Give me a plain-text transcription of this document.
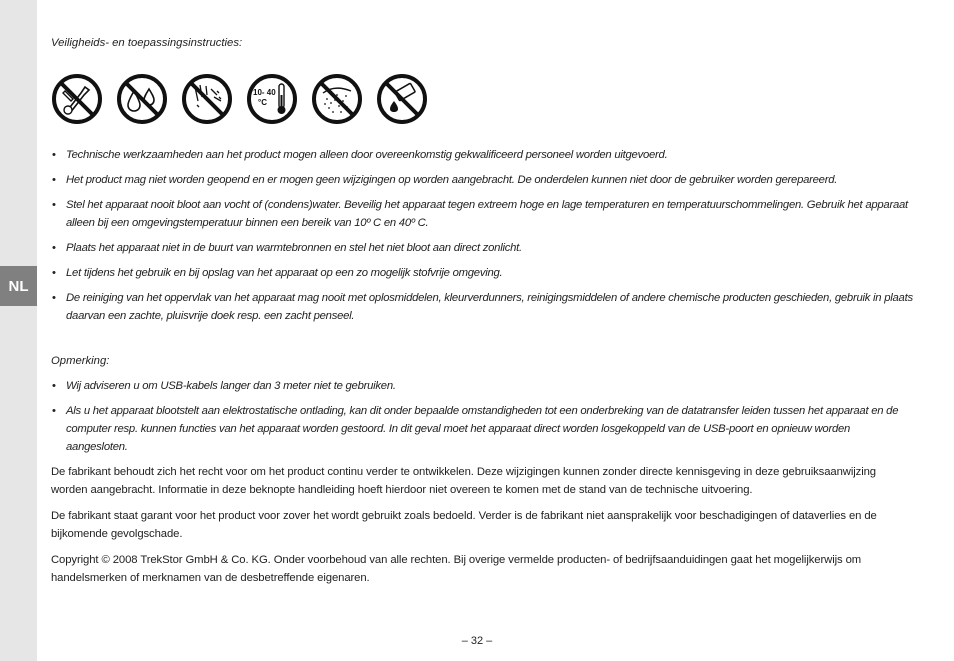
NL
Veiligheids- en toepassingsinstructies:
10- 40
°C
• Technische werkzaamheden aan het product mogen alleen door overeenkomstig gekwalificeerd personeel worden uitgevoerd.
• Het product mag niet worden geopend en er mogen geen wijzigingen op worden aangebracht. De onderdelen kunnen niet door de gebruiker worden gerepareerd.
• Stel het apparaat nooit bloot aan vocht of (condens)water. Beveilig het apparaat tegen extreem hoge en lage temperaturen en temperatuurschommelingen. Gebruik het apparaat alleen bij een omgevingstemperatuur binnen een bereik van 10º C en 40º C.
• Plaats het apparaat niet in de buurt van warmtebronnen en stel het niet bloot aan direct zonlicht.
• Let tijdens het gebruik en bij opslag van het apparaat op een zo mogelijk stofvrije omgeving.
• De reiniging van het oppervlak van het apparaat mag nooit met oplosmiddelen, kleurverdunners, reinigingsmiddelen of andere chemische producten geschieden, gebruik in plaats daarvan een zachte, pluisvrije doek resp. een zacht penseel.
Opmerking:
• Wij adviseren u om USB-kabels langer dan 3 meter niet te gebruiken.
• Als u het apparaat blootstelt aan elektrostatische ontlading, kan dit onder bepaalde omstandigheden tot een onderbreking van de datatransfer leiden tussen het apparaat en de computer resp. kunnen functies van het apparaat worden gestoord. In dit geval moet het apparaat direct worden losgekoppeld van de USB-poort en opnieuw worden aangesloten.

De fabrikant behoudt zich het recht voor om het product continu verder te ontwikkelen. Deze wijzigingen kunnen zonder directe kennisgeving in deze gebruiksaanwijzing worden aangebracht. Informatie in deze beknopte handleiding hoeft hierdoor niet overeen te komen met de stand van de technische uitvoering.

De fabrikant staat garant voor het product voor zover het wordt gebruikt zoals bedoeld. Verder is de fabrikant niet aansprakelijk voor beschadigingen of dataverlies en de bijkomende gevolgschade.

Copyright © 2008 TrekStor GmbH & Co. KG. Onder voorbehoud van alle rechten. Bij overige vermelde producten- of bedrijfsaanduidingen gaat het mogelijkerwijs om handelsmerken of merknamen van de desbetreffende eigenaren.

– 32 –
